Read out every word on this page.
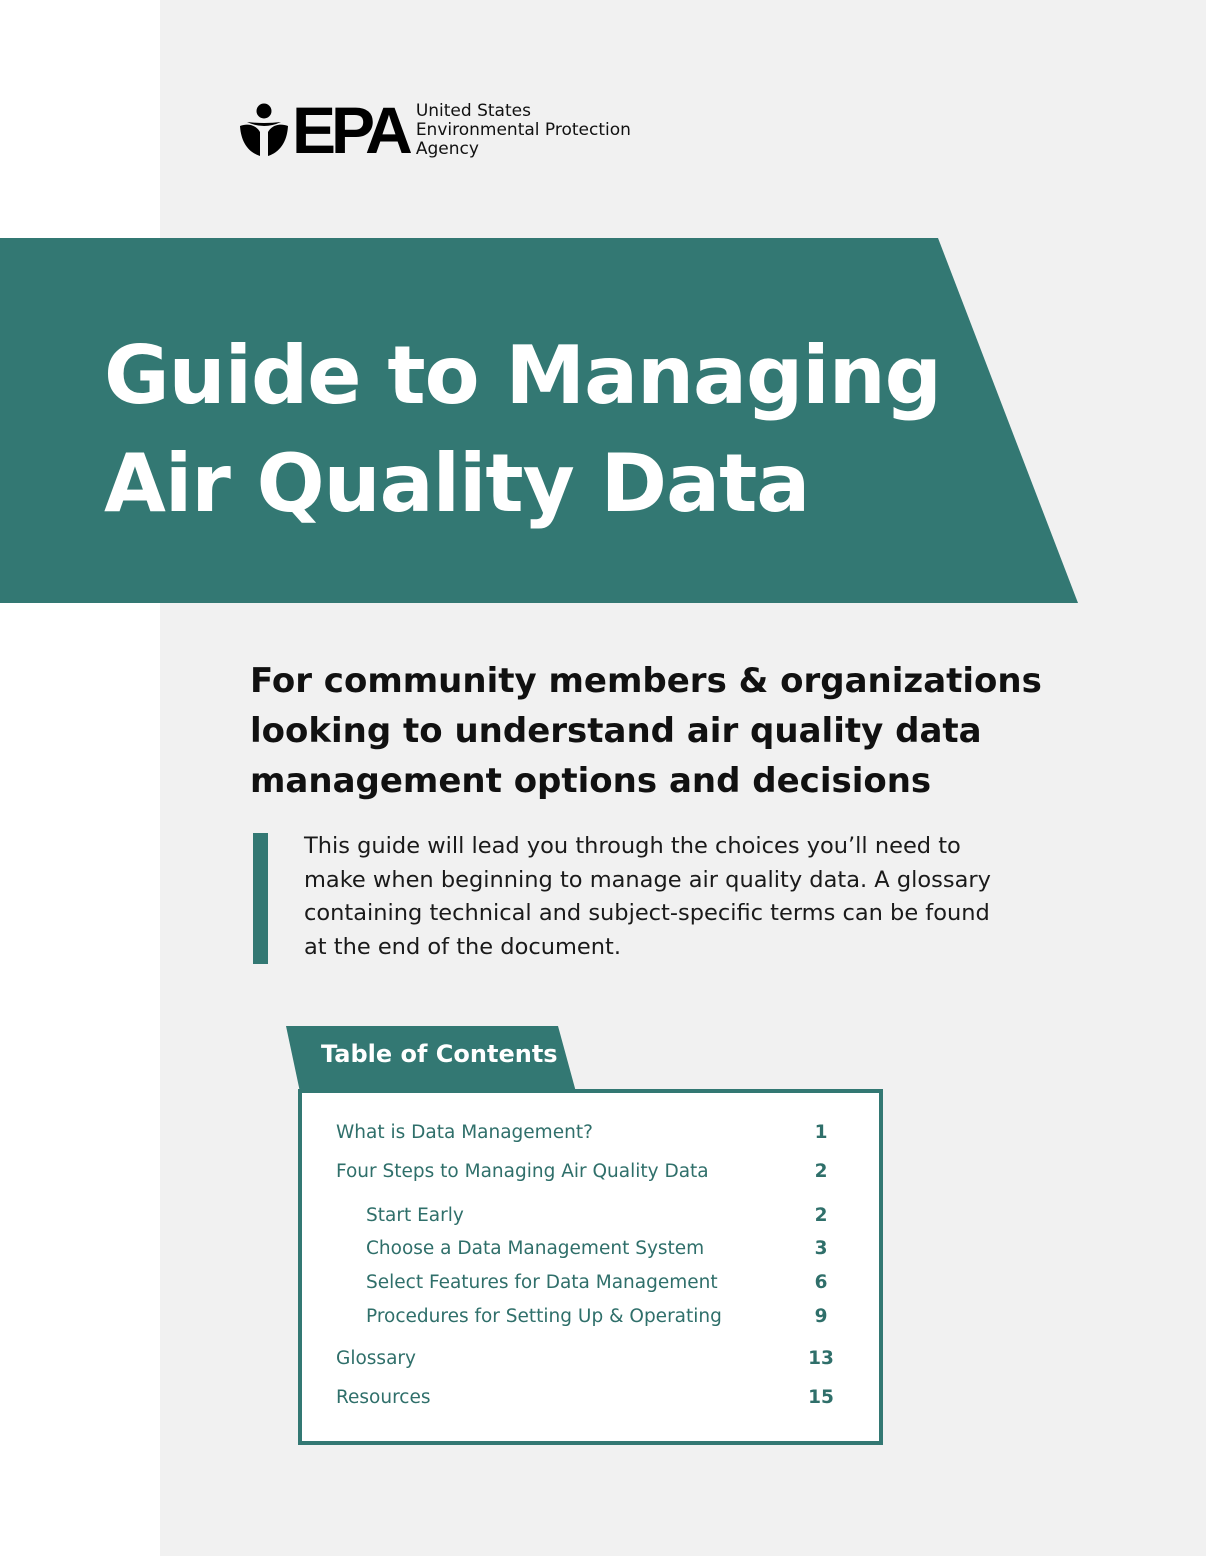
EPA United States
Environmental Protection
Agency
Guide to Managing
Air Quality Data
For community members & organizations
looking to understand air quality data
management options and decisions
This guide will lead you through the choices you’ll need to
make when beginning to manage air quality data. A glossary
containing technical and subject-specific terms can be found
at the end of the document.
Table of Contents
What is Data Management?	1
Four Steps to Managing Air Quality Data	2
Start Early	2
Choose a Data Management System	3
Select Features for Data Management	6
Procedures for Setting Up & Operating	9
Glossary	13
Resources	15
